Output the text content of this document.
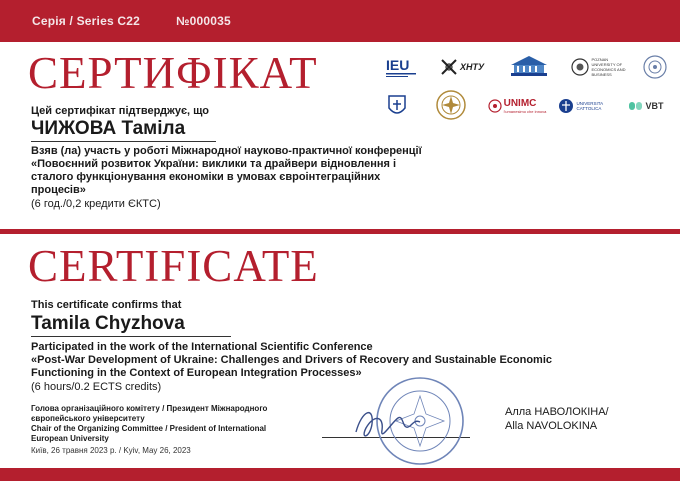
Серія / Series C22	№000035
СЕРТИФІКАТ	IEU	ХНТУ
POZNAN UNIVERSITY OF ECONOMICS AND BUSINESS
UNIMC
l'umanesimo che innova
UNIVERSITA CATTOLICA	VBT
Цей сертифікат підтверджує, що
ЧИЖОВА Таміла
Взяв (ла) участь у роботі Міжнародної науково-практичної конференції
«Повоєнний розвиток України: виклики та драйвери відновлення і
сталого функціонування економіки в умовах євроінтеграційних
процесів»
(6 год./0,2 кредити ЄКТС)
CERTIFICATE
This certificate confirms that
Tamila Chyzhova
Participated in the work of the International Scientific Conference
«Post-War Development of Ukraine: Challenges and Drivers of Recovery and Sustainable Economic
Functioning in the Context of European Integration Processes»
(6 hours/0.2 ECTS credits)
Голова організаційного комітету / Президент Міжнародного
європейського університету
Chair of the Organizing Committee / President of International
European University
Київ, 26 травня 2023 р. / Kyiv, May 26, 2023
Алла НАВОЛОКІНА/
Alla NAVOLOKINA
